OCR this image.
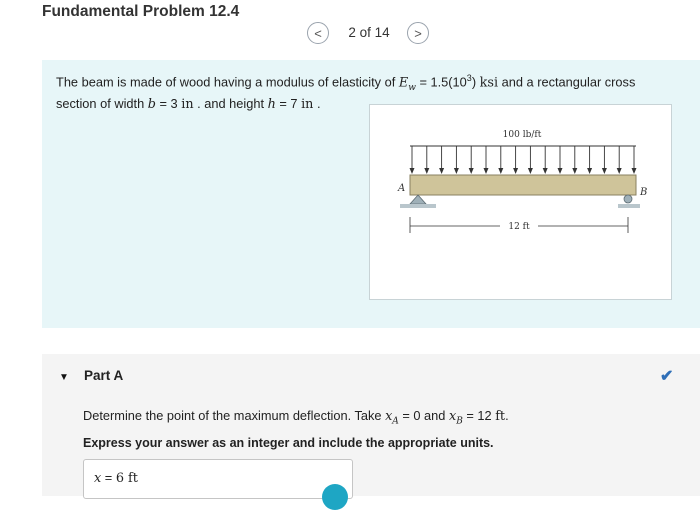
Fundamental Problem 12.4
<	2 of 14	>
The beam is made of wood having a modulus of elasticity of $E_w = 1.5(10^3)$ ksi and a rectangular cross section of width b = 3 in . and height h = 7 in .
100 lb/ft
A	B
12 ft
▼ Part A	✔
Determine the point of the maximum deflection. Take $x_A = 0$ and $x_B = 12$ ft.
Express your answer as an integer and include the appropriate units.
x = 6 ft
